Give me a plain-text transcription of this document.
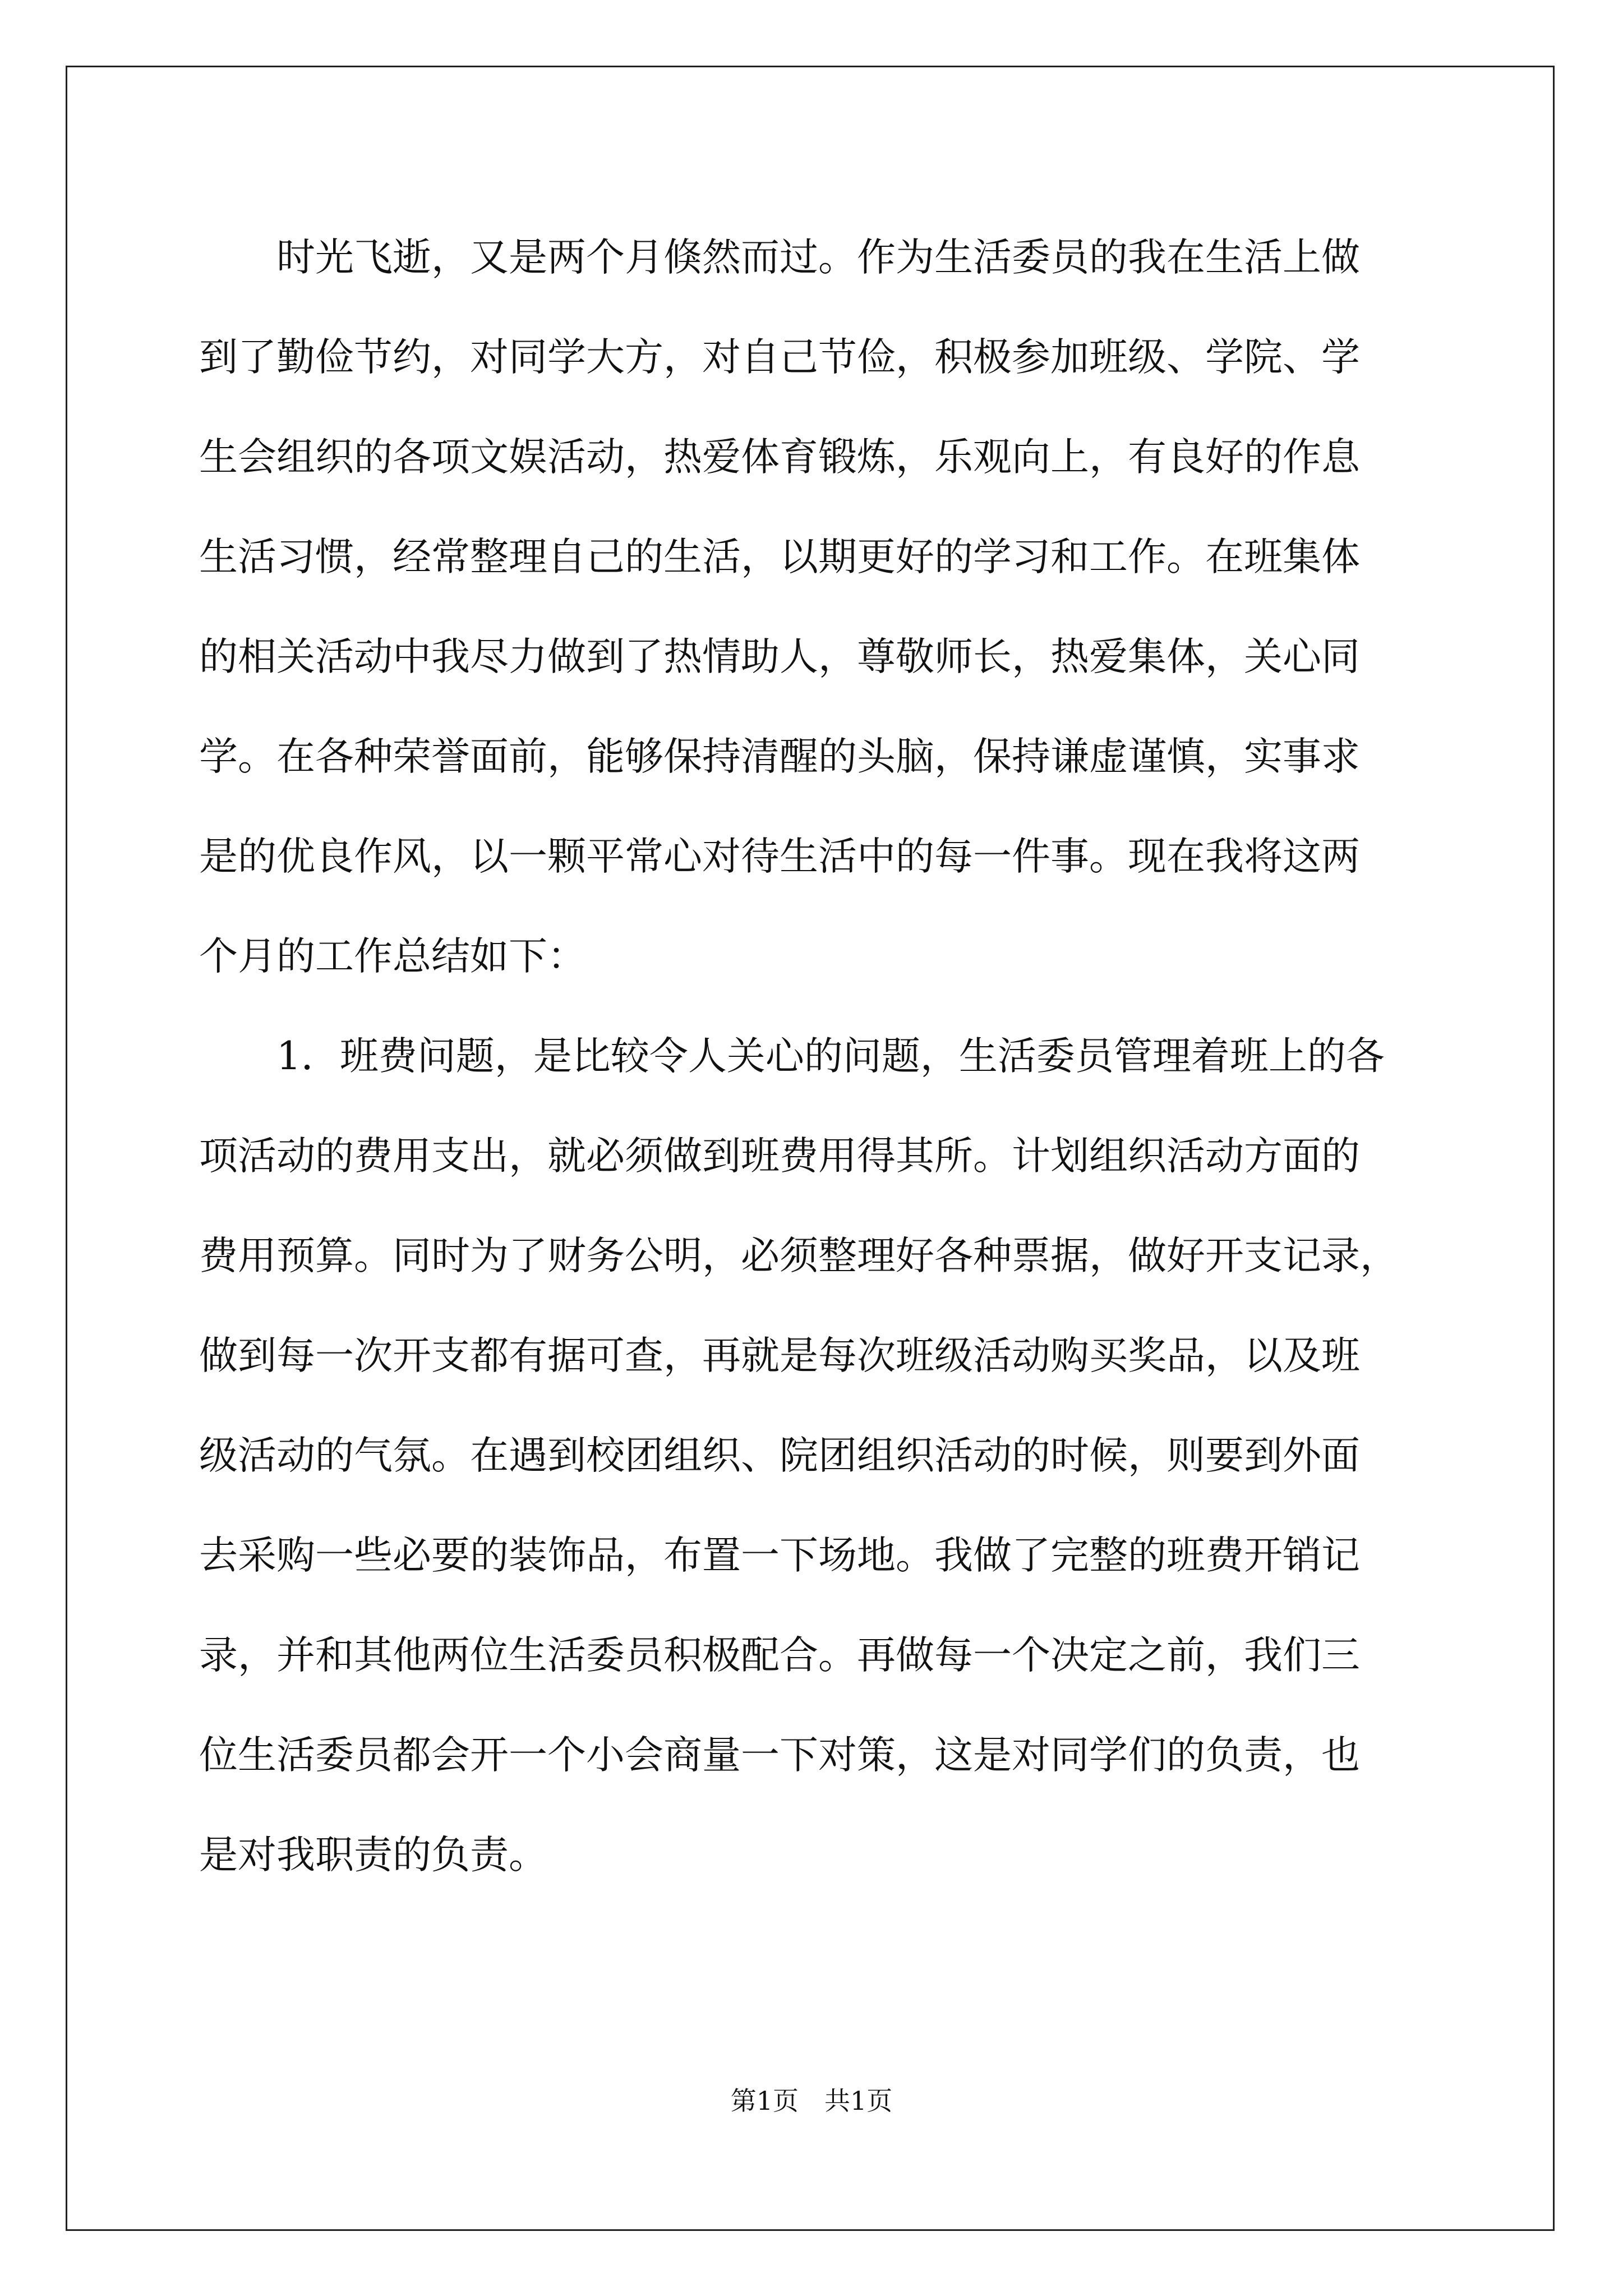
　　时光飞逝，又是两个月倏然而过。作为生活委员的我在生活上做
到了勤俭节约，对同学大方，对自己节俭，积极参加班级、学院、学
生会组织的各项文娱活动，热爱体育锻炼，乐观向上，有良好的作息
生活习惯，经常整理自己的生活，以期更好的学习和工作。在班集体
的相关活动中我尽力做到了热情助人，尊敬师长，热爱集体，关心同
学。在各种荣誉面前，能够保持清醒的头脑，保持谦虚谨慎，实事求
是的优良作风，以一颗平常心对待生活中的每一件事。现在我将这两
个月的工作总结如下：
　　1．班费问题，是比较令人关心的问题，生活委员管理着班上的各
项活动的费用支出，就必须做到班费用得其所。计划组织活动方面的
费用预算。同时为了财务公明，必须整理好各种票据，做好开支记录，
做到每一次开支都有据可查，再就是每次班级活动购买奖品，以及班
级活动的气氛。在遇到校团组织、院团组织活动的时候，则要到外面
去采购一些必要的装饰品，布置一下场地。我做了完整的班费开销记
录，并和其他两位生活委员积极配合。再做每一个决定之前，我们三
位生活委员都会开一个小会商量一下对策，这是对同学们的负责，也
是对我职责的负责。
第1页　共1页
